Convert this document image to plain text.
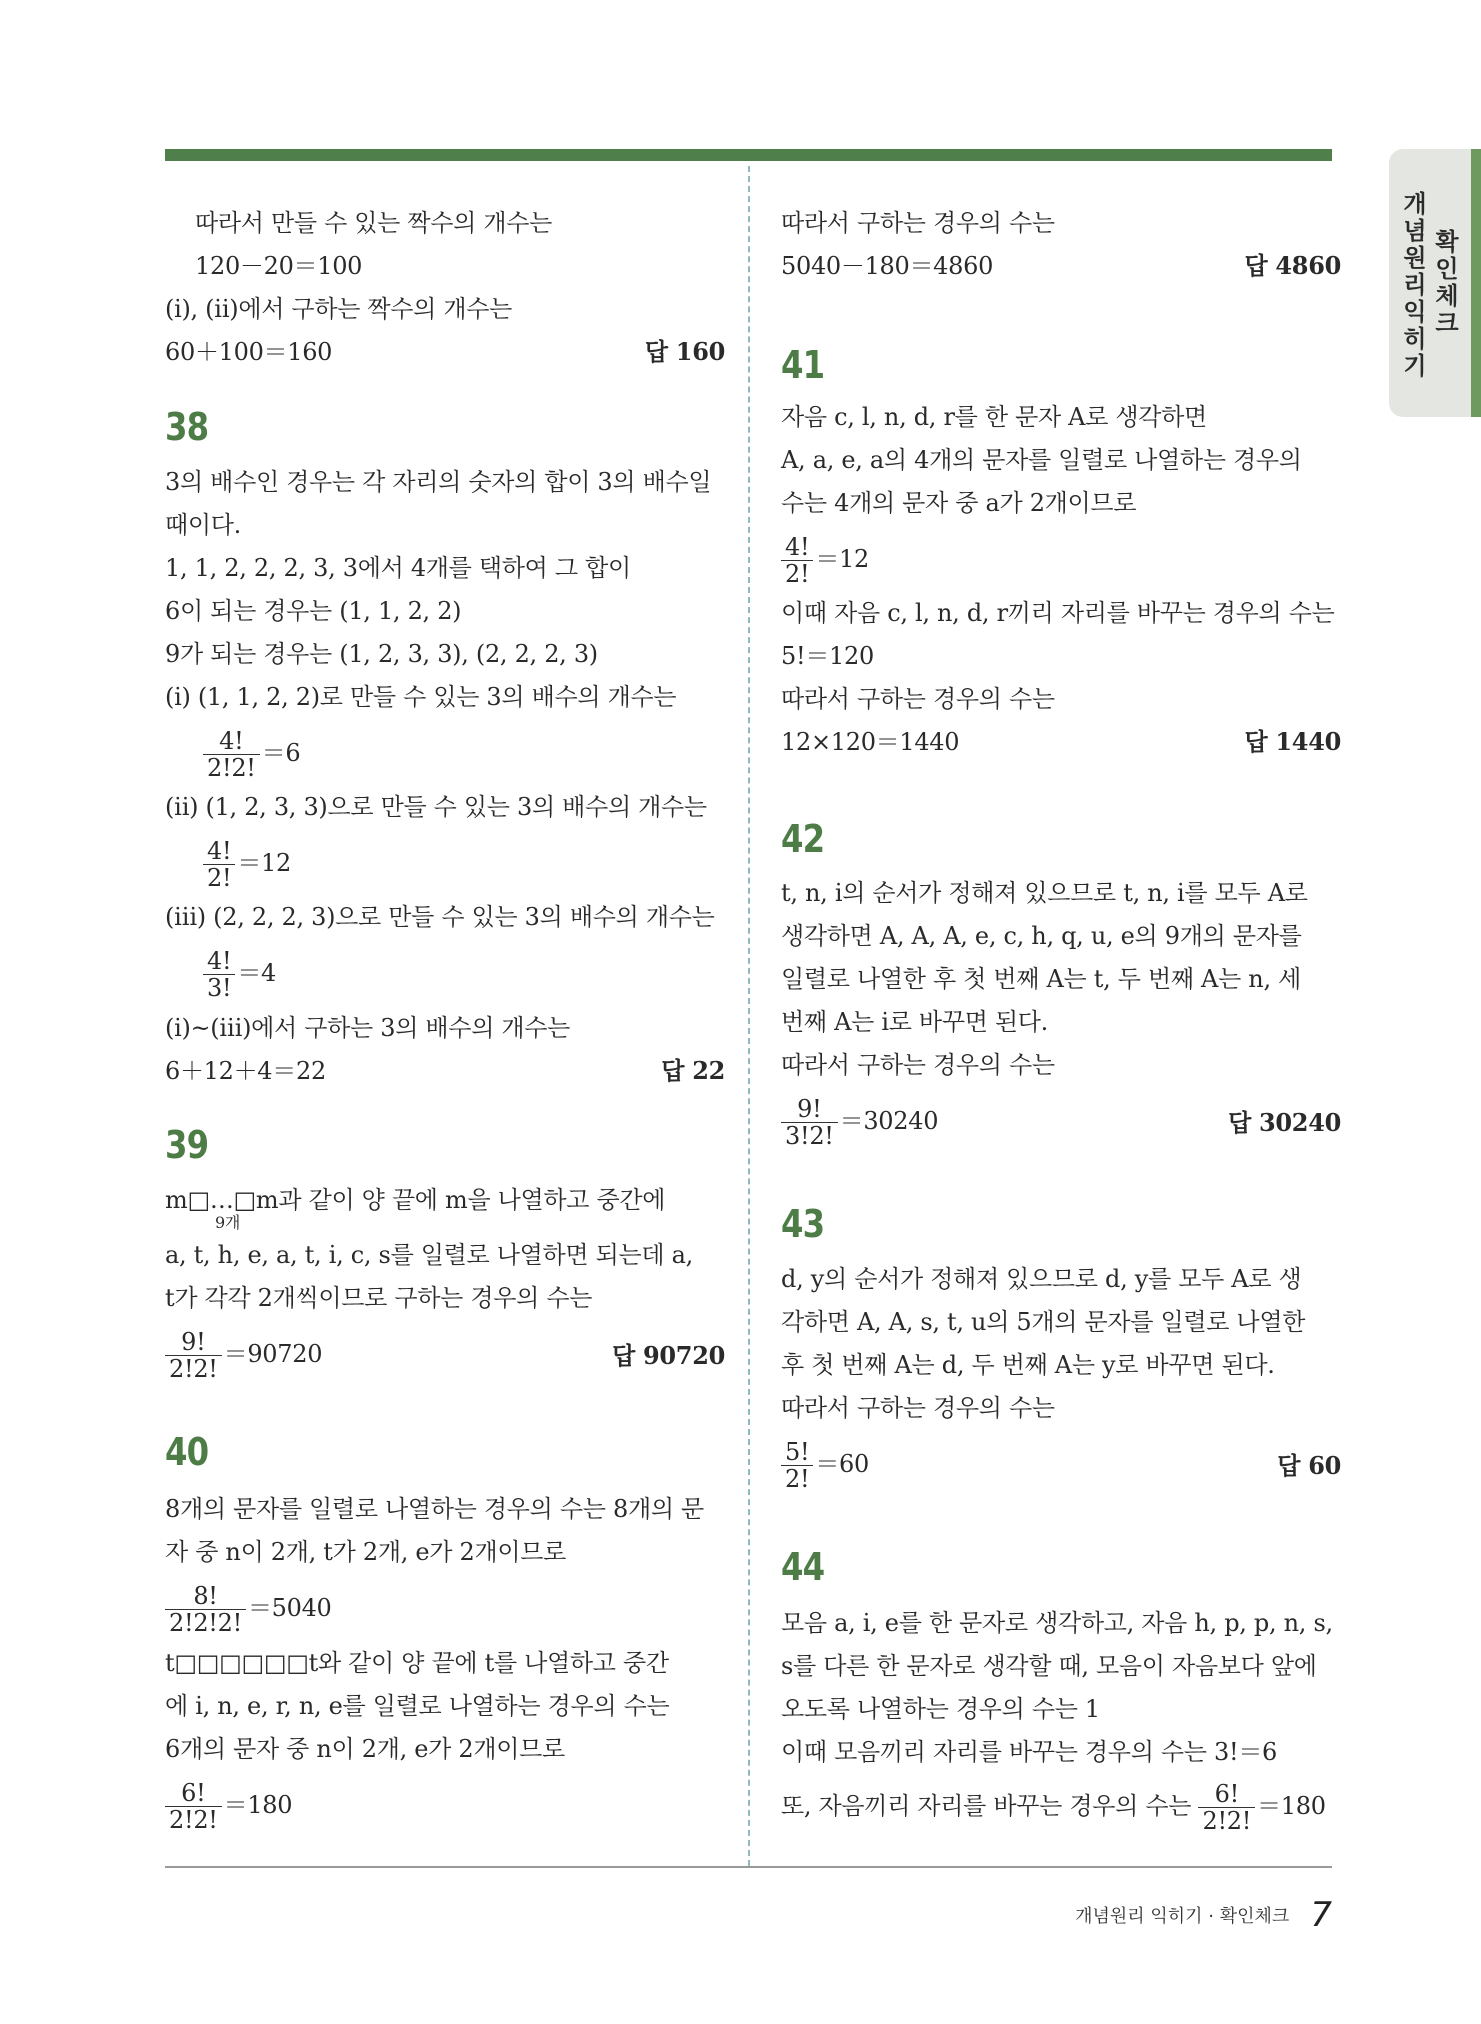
개념원리익히기
확인체크
따라서 만들 수 있는 짝수의 개수는
120－20＝100
(ⅰ), (ⅱ)에서 구하는 짝수의 개수는
60＋100＝160	답 160
38
3의 배수인 경우는 각 자리의 숫자의 합이 3의 배수일
때이다.
1, 1, 2, 2, 2, 3, 3에서 4개를 택하여 그 합이
6이 되는 경우는 (1, 1, 2, 2)
9가 되는 경우는 (1, 2, 3, 3), (2, 2, 2, 3)
(ⅰ) (1, 1, 2, 2)로 만들 수 있는 3의 배수의 개수는
$\frac{4!}{2!2!} =6$
(ⅱ) (1, 2, 3, 3)으로 만들 수 있는 3의 배수의 개수는
$\frac{4!}{2!} =12$
(ⅲ) (2, 2, 2, 3)으로 만들 수 있는 3의 배수의 개수는
$\frac{4!}{3!} =4$
(ⅰ)~(ⅲ)에서 구하는 3의 배수의 개수는
6＋12＋4＝22	답 22
39
m□…□m과 같이 양 끝에 m을 나열하고 중간에
9개
a, t, h, e, a, t, i, c, s를 일렬로 나열하면 되는데 a,
t가 각각 2개씩이므로 구하는 경우의 수는
$\frac{9!}{2!2!} =90720$	답 90720
40
8개의 문자를 일렬로 나열하는 경우의 수는 8개의 문
자 중 n이 2개, t가 2개, e가 2개이므로
$\frac{8!}{2!2!2!} =5040$
t□□□□□□t와 같이 양 끝에 t를 나열하고 중간
에 i, n, e, r, n, e를 일렬로 나열하는 경우의 수는
6개의 문자 중 n이 2개, e가 2개이므로
$\frac{6!}{2!2!} =180$
따라서 구하는 경우의 수는
5040－180＝4860	답 4860
41
자음 c, l, n, d, r를 한 문자 A로 생각하면
A, a, e, a의 4개의 문자를 일렬로 나열하는 경우의
수는 4개의 문자 중 a가 2개이므로
$\frac{4!}{2!} =12$
이때 자음 c, l, n, d, r끼리 자리를 바꾸는 경우의 수는
5!＝120
따라서 구하는 경우의 수는
12×120＝1440	답 1440
42
t, n, i의 순서가 정해져 있으므로 t, n, i를 모두 A로
생각하면 A, A, A, e, c, h, q, u, e의 9개의 문자를
일렬로 나열한 후 첫 번째 A는 t, 두 번째 A는 n, 세
번째 A는 i로 바꾸면 된다.
따라서 구하는 경우의 수는
$\frac{9!}{3!2!} =30240$	답 30240
43
d, y의 순서가 정해져 있으므로 d, y를 모두 A로 생
각하면 A, A, s, t, u의 5개의 문자를 일렬로 나열한
후 첫 번째 A는 d, 두 번째 A는 y로 바꾸면 된다.
따라서 구하는 경우의 수는
$\frac{5!}{2!} =60$	답 60
44
모음 a, i, e를 한 문자로 생각하고, 자음 h, p, p, n, s,
s를 다른 한 문자로 생각할 때, 모음이 자음보다 앞에
오도록 나열하는 경우의 수는 1
이때 모음끼리 자리를 바꾸는 경우의 수는 3!＝6
또, 자음끼리 자리를 바꾸는 경우의 수는 $\frac{6!}{2!2!} =180$
개념원리 익히기 · 확인체크 7
